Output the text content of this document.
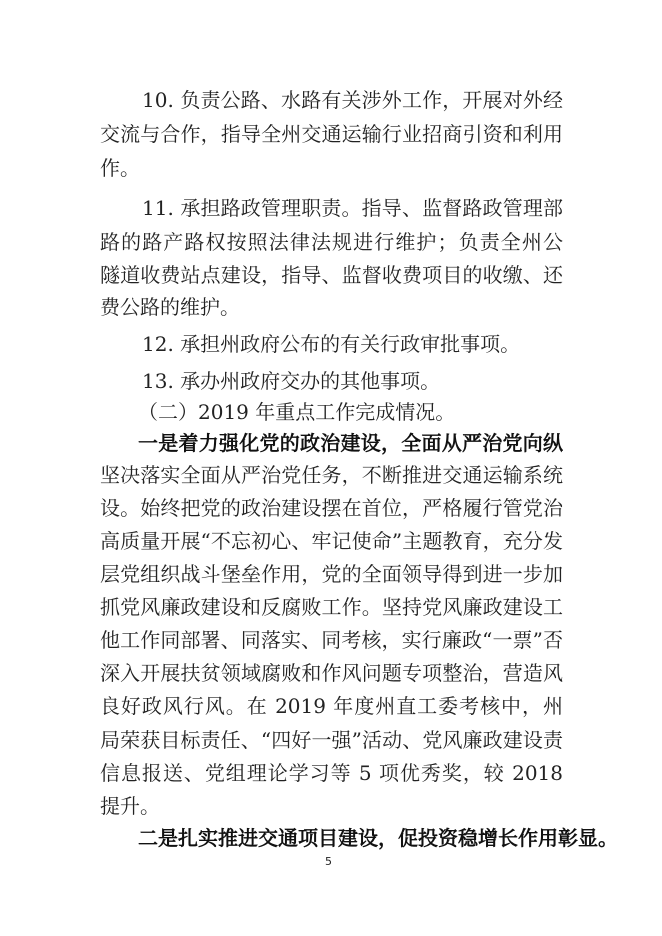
10. 负责公路、水路有关涉外工作，开展对外经
交流与合作，指导全州交通运输行业招商引资和利用
作。
11. 承担路政管理职责。指导、监督路政管理部
路的路产路权按照法律法规进行维护；负责全州公
隧道收费站点建设，指导、监督收费项目的收缴、还
费公路的维护。
12. 承担州政府公布的有关行政审批事项。
13. 承办州政府交办的其他事项。
（二）2019 年重点工作完成情况。
一是着力强化党的政治建设，全面从严治党向纵
坚决落实全面从严治党任务，不断推进交通运输系统
设。始终把党的政治建设摆在首位，严格履行管党治
高质量开展“不忘初心、牢记使命”主题教育，充分发
层党组织战斗堡垒作用，党的全面领导得到进一步加
抓党风廉政建设和反腐败工作。坚持党风廉政建设工
他工作同部署、同落实、同考核，实行廉政“一票”否
深入开展扶贫领域腐败和作风问题专项整治，营造风
良好政风行风。在 2019 年度州直工委考核中，州
局荣获目标责任、“四好一强”活动、党风廉政建设责
信息报送、党组理论学习等 5 项优秀奖，较 2018
提升。
二是扎实推进交通项目建设，促投资稳增长作用彰显。
5
